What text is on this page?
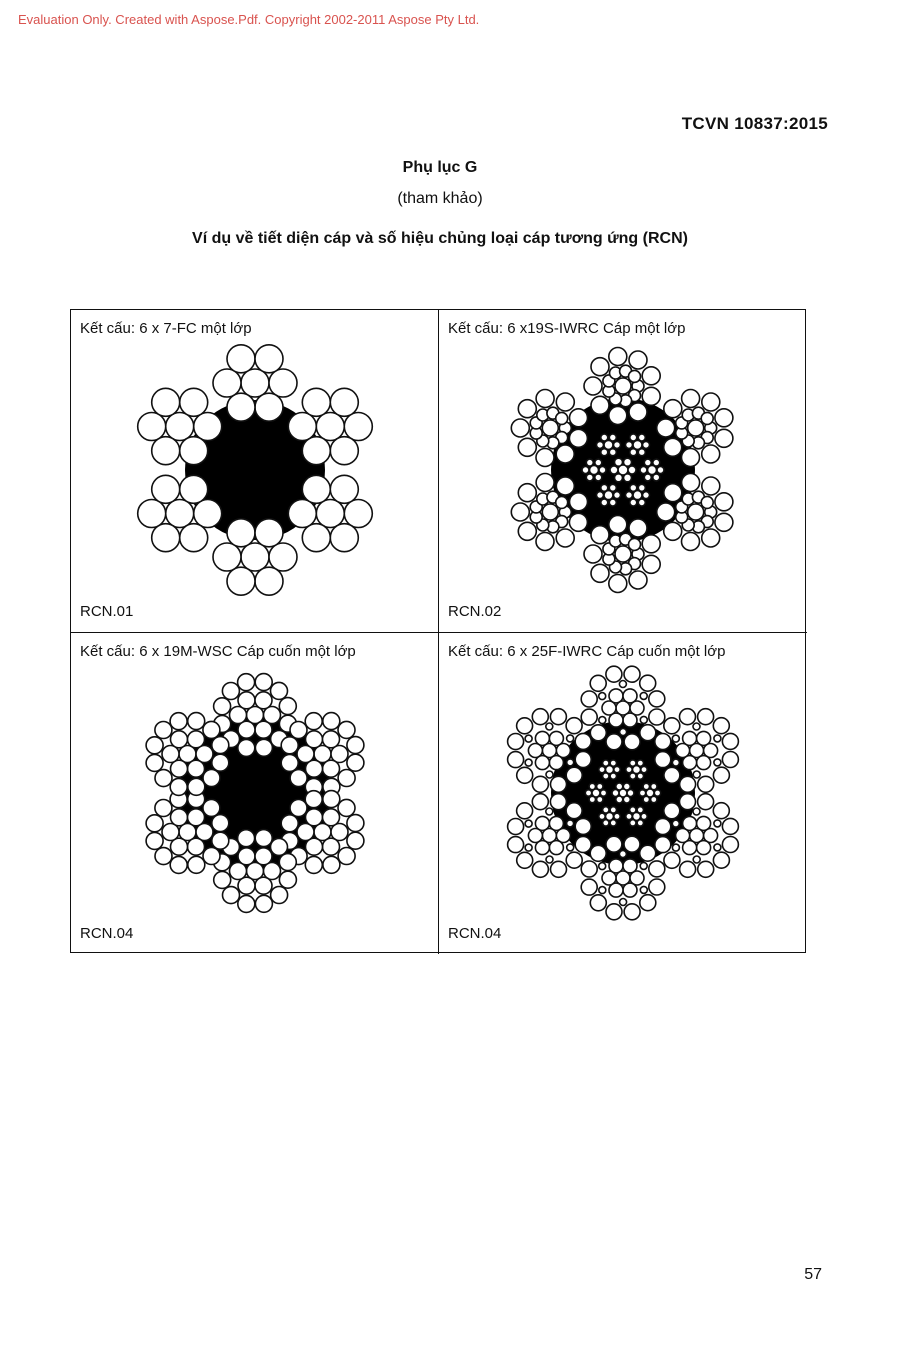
Evaluation Only. Created with Aspose.Pdf. Copyright 2002-2011 Aspose Pty Ltd.
TCVN 10837:2015
Phụ lục G
(tham khảo)
Ví dụ về tiết diện cáp và số hiệu chủng loại cáp tương ứng (RCN)
Kết cấu: 6 x 7-FC một lớp
RCN.01
Kết cấu: 6 x19S-IWRC Cáp một lớp
RCN.02
Kết cấu: 6 x 19M-WSC Cáp cuốn một lớp
RCN.04
Kết cấu: 6 x 25F-IWRC Cáp cuốn một lớp
RCN.04
57
